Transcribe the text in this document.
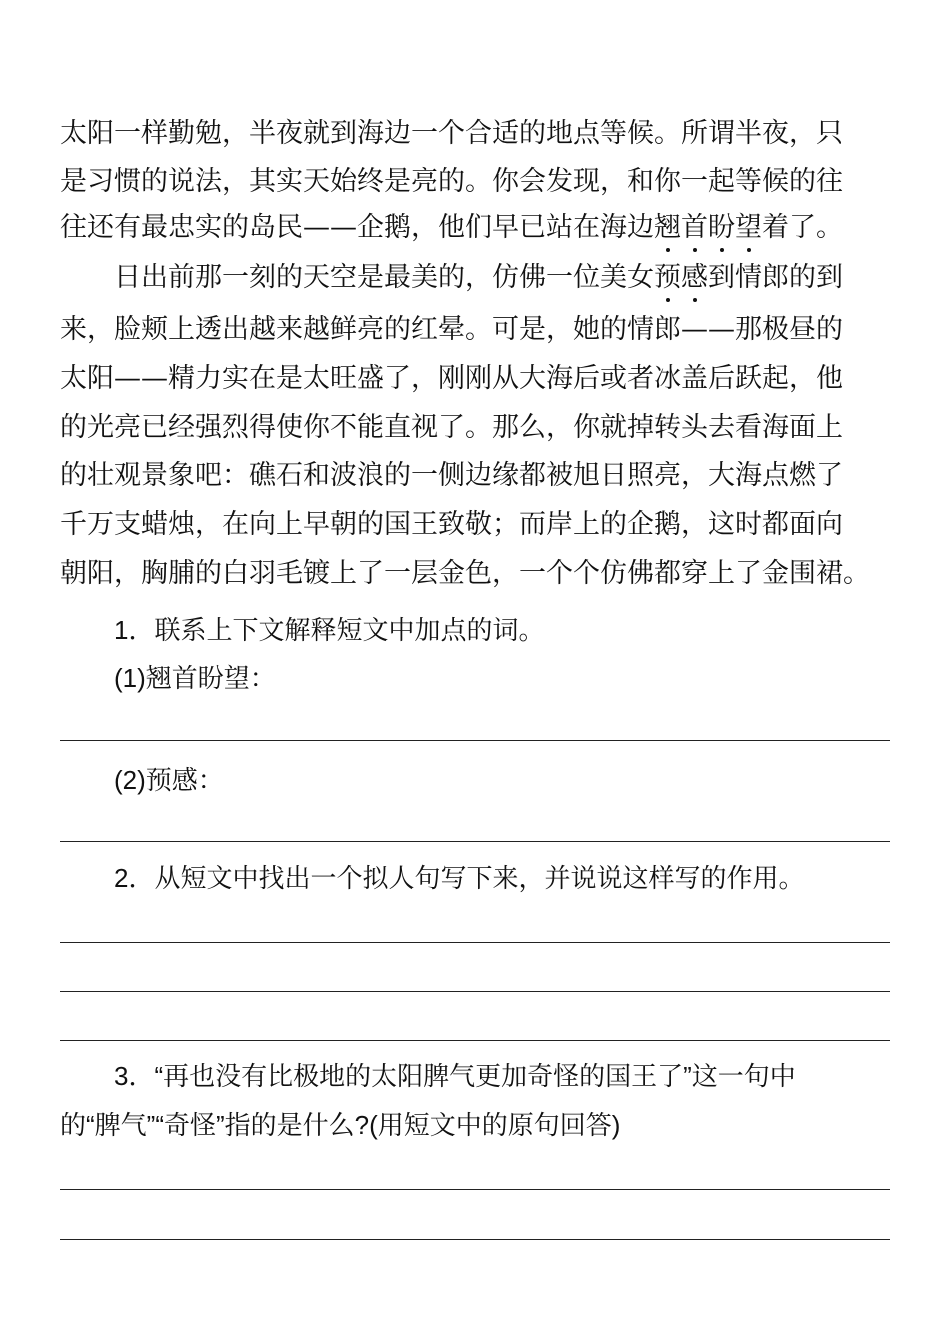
太阳一样勤勉，半夜就到海边一个合适的地点等候。所谓半夜，只
是习惯的说法，其实天始终是亮的。你会发现，和你一起等候的往
往还有最忠实的岛民——企鹅，他们早已站在海边翘首盼望着了。
日出前那一刻的天空是最美的，仿佛一位美女预感到情郎的到
来，脸颊上透出越来越鲜亮的红晕。可是，她的情郎——那极昼的
太阳——精力实在是太旺盛了，刚刚从大海后或者冰盖后跃起，他
的光亮已经强烈得使你不能直视了。那么，你就掉转头去看海面上
的壮观景象吧：礁石和波浪的一侧边缘都被旭日照亮，大海点燃了
千万支蜡烛，在向上早朝的国王致敬；而岸上的企鹅，这时都面向
朝阳，胸脯的白羽毛镀上了一层金色，一个个仿佛都穿上了金围裙。
1．联系上下文解释短文中加点的词。
(1)翘首盼望：
(2)预感：
2．从短文中找出一个拟人句写下来，并说说这样写的作用。
3．“再也没有比极地的太阳脾气更加奇怪的国王了”这一句中
的“脾气”“奇怪”指的是什么?(用短文中的原句回答)
